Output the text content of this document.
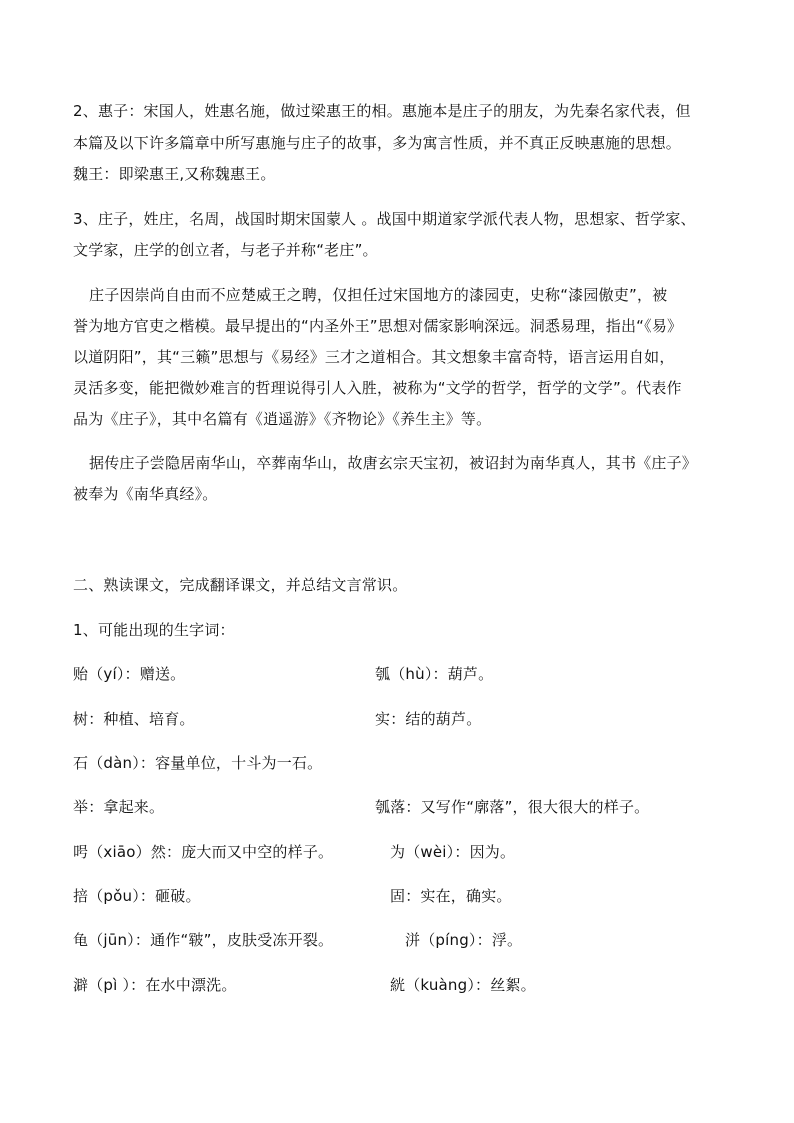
2、惠子：宋国人，姓惠名施，做过梁惠王的相。惠施本是庄子的朋友，为先秦名家代表，但
本篇及以下许多篇章中所写惠施与庄子的故事，多为寓言性质，并不真正反映惠施的思想。
魏王：即梁惠王,又称魏惠王。
3、庄子，姓庄，名周，战国时期宋国蒙人 。战国中期道家学派代表人物，思想家、哲学家、
文学家，庄学的创立者，与老子并称“老庄”。
庄子因崇尚自由而不应楚威王之聘，仅担任过宋国地方的漆园吏，史称“漆园傲吏”，被
誉为地方官吏之楷模。最早提出的“内圣外王”思想对儒家影响深远。洞悉易理，指出“《易》
以道阴阳”，其“三籁”思想与《易经》三才之道相合。其文想象丰富奇特，语言运用自如，
灵活多变，能把微妙难言的哲理说得引人入胜，被称为“文学的哲学，哲学的文学”。代表作
品为《庄子》，其中名篇有《逍遥游》《齐物论》《养生主》等。
据传庄子尝隐居南华山，卒葬南华山，故唐玄宗天宝初，被诏封为南华真人，其书《庄子》
被奉为《南华真经》。
二、熟读课文，完成翻译课文，并总结文言常识。
1、可能出现的生字词：
贻（yí）：赠送。	瓠（hù）：葫芦。
树：种植、培育。	实：结的葫芦。
石（dàn）：容量单位，十斗为一石。
举：拿起来。	瓠落：又写作“廓落”，很大很大的样子。
呺（xiāo）然：庞大而又中空的样子。	为（wèi）：因为。
掊（pǒu）：砸破。	固：实在，确实。
龟（jūn）：通作“皲”，皮肤受冻开裂。	洴（píng）：浮。
澼（pì ）：在水中漂洗。	絖（kuàng）：丝絮。
